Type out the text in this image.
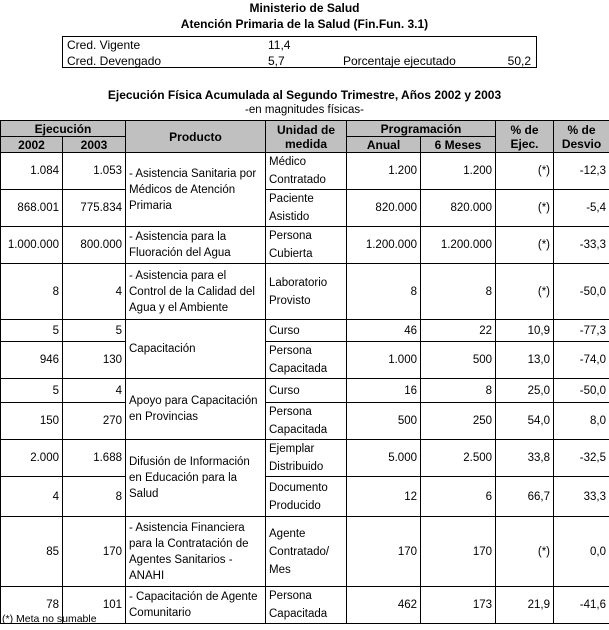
Ministerio de Salud
Atención Primaria de la Salud (Fin.Fun. 3.1)
Cred. Vigente	11,4
Cred. Devengado	5,7	Porcentaje ejecutado	50,2
Ejecución Física Acumulada al Segundo Trimestre, Años 2002 y 2003
-en magnitudes físicas-
Ejecución		Producto	Unidad de medida	Programación		% de Ejec.	% de Desvio
2002	2003			Anual	6 Meses		
1.084	1.053	- Asistencia Sanitaria por Médicos de Atención Primaria	Médico Contratado	1.200	1.200	(*)	-12,3
868.001	775.834		Paciente Asistido	820.000	820.000	(*)	-5,4
1.000.000	800.000	- Asistencia para la Fluoración del Agua	Persona Cubierta	1.200.000	1.200.000	(*)	-33,3
8	4	- Asistencia para el Control de la Calidad del Agua y el Ambiente	Laboratorio Provisto	8	8	(*)	-50,0
5	5	Capacitación	Curso	46	22	10,9	-77,3
946	130		Persona Capacitada	1.000	500	13,0	-74,0
5	4	Apoyo para Capacitación en Provincias	Curso	16	8	25,0	-50,0
150	270		Persona Capacitada	500	250	54,0	8,0
2.000	1.688	Difusión de Información en Educación para la Salud	Ejemplar Distribuido	5.000	2.500	33,8	-32,5
4	8		Documento Producido	12	6	66,7	33,3
85	170	- Asistencia Financiera para la Contratación de Agentes Sanitarios - ANAHI	Agente Contratado/ Mes	170	170	(*)	0,0
78	101	- Capacitación de Agente Comunitario	Persona Capacitada	462	173	21,9	-41,6
(*) Meta no sumable
